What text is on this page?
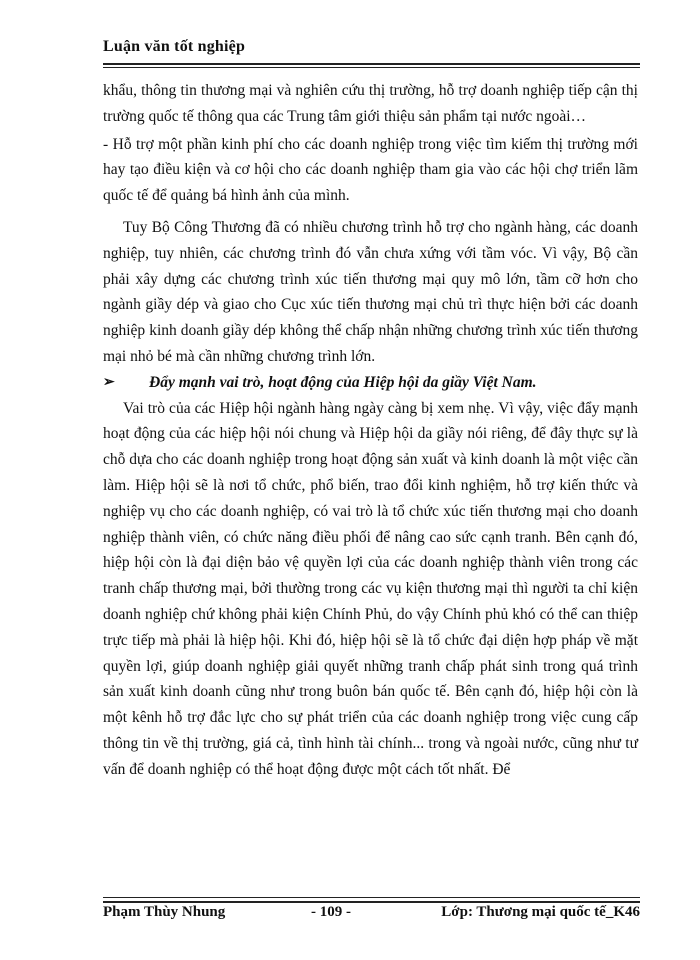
Luận văn tốt nghiệp

khẩu, thông tin thương mại và nghiên cứu thị trường, hỗ trợ doanh nghiệp tiếp cận thị trường quốc tế thông qua các Trung tâm giới thiệu sản phẩm tại nước ngoài…

- Hỗ trợ một phần kinh phí cho các doanh nghiệp trong việc tìm kiếm thị trường mới hay tạo điều kiện và cơ hội cho các doanh nghiệp tham gia vào các hội chợ triển lãm quốc tế để quảng bá hình ảnh của mình.

Tuy Bộ Công Thương đã có nhiều chương trình hỗ trợ cho ngành hàng, các doanh nghiệp, tuy nhiên, các chương trình đó vẫn chưa xứng với tầm vóc. Vì vậy, Bộ cần phải xây dựng các chương trình xúc tiến thương mại quy mô lớn, tầm cỡ hơn cho ngành giầy dép và giao cho Cục xúc tiến thương mại chủ trì thực hiện bởi các doanh nghiệp kinh doanh giầy dép không thể chấp nhận những chương trình xúc tiến thương mại nhỏ bé mà cần những chương trình lớn.

➢ Đẩy mạnh vai trò, hoạt động của Hiệp hội da giầy Việt Nam.

Vai trò của các Hiệp hội ngành hàng ngày càng bị xem nhẹ. Vì vậy, việc đẩy mạnh hoạt động của các hiệp hội nói chung và Hiệp hội da giầy nói riêng, để đây thực sự là chỗ dựa cho các doanh nghiệp trong hoạt động sản xuất và kinh doanh là một việc cần làm. Hiệp hội sẽ là nơi tổ chức, phổ biến, trao đổi kinh nghiệm, hỗ trợ kiến thức và nghiệp vụ cho các doanh nghiệp, có vai trò là tổ chức xúc tiến thương mại cho doanh nghiệp thành viên, có chức năng điều phối để nâng cao sức cạnh tranh. Bên cạnh đó, hiệp hội còn là đại diện bảo vệ quyền lợi của các doanh nghiệp thành viên trong các tranh chấp thương mại, bởi thường trong các vụ kiện thương mại thì người ta chỉ kiện doanh nghiệp chứ không phải kiện Chính Phủ, do vậy Chính phủ khó có thể can thiệp trực tiếp mà phải là hiệp hội. Khi đó, hiệp hội sẽ là tổ chức đại diện hợp pháp về mặt quyền lợi, giúp doanh nghiệp giải quyết những tranh chấp phát sinh trong quá trình sản xuất kinh doanh cũng như trong buôn bán quốc tế. Bên cạnh đó, hiệp hội còn là một kênh hỗ trợ đắc lực cho sự phát triển của các doanh nghiệp trong việc cung cấp thông tin về thị trường, giá cả, tình hình tài chính... trong và ngoài nước, cũng như tư vấn để doanh nghiệp có thể hoạt động được một cách tốt nhất. Để

Phạm Thùy Nhung	- 109 -	Lớp: Thương mại quốc tế_K46
